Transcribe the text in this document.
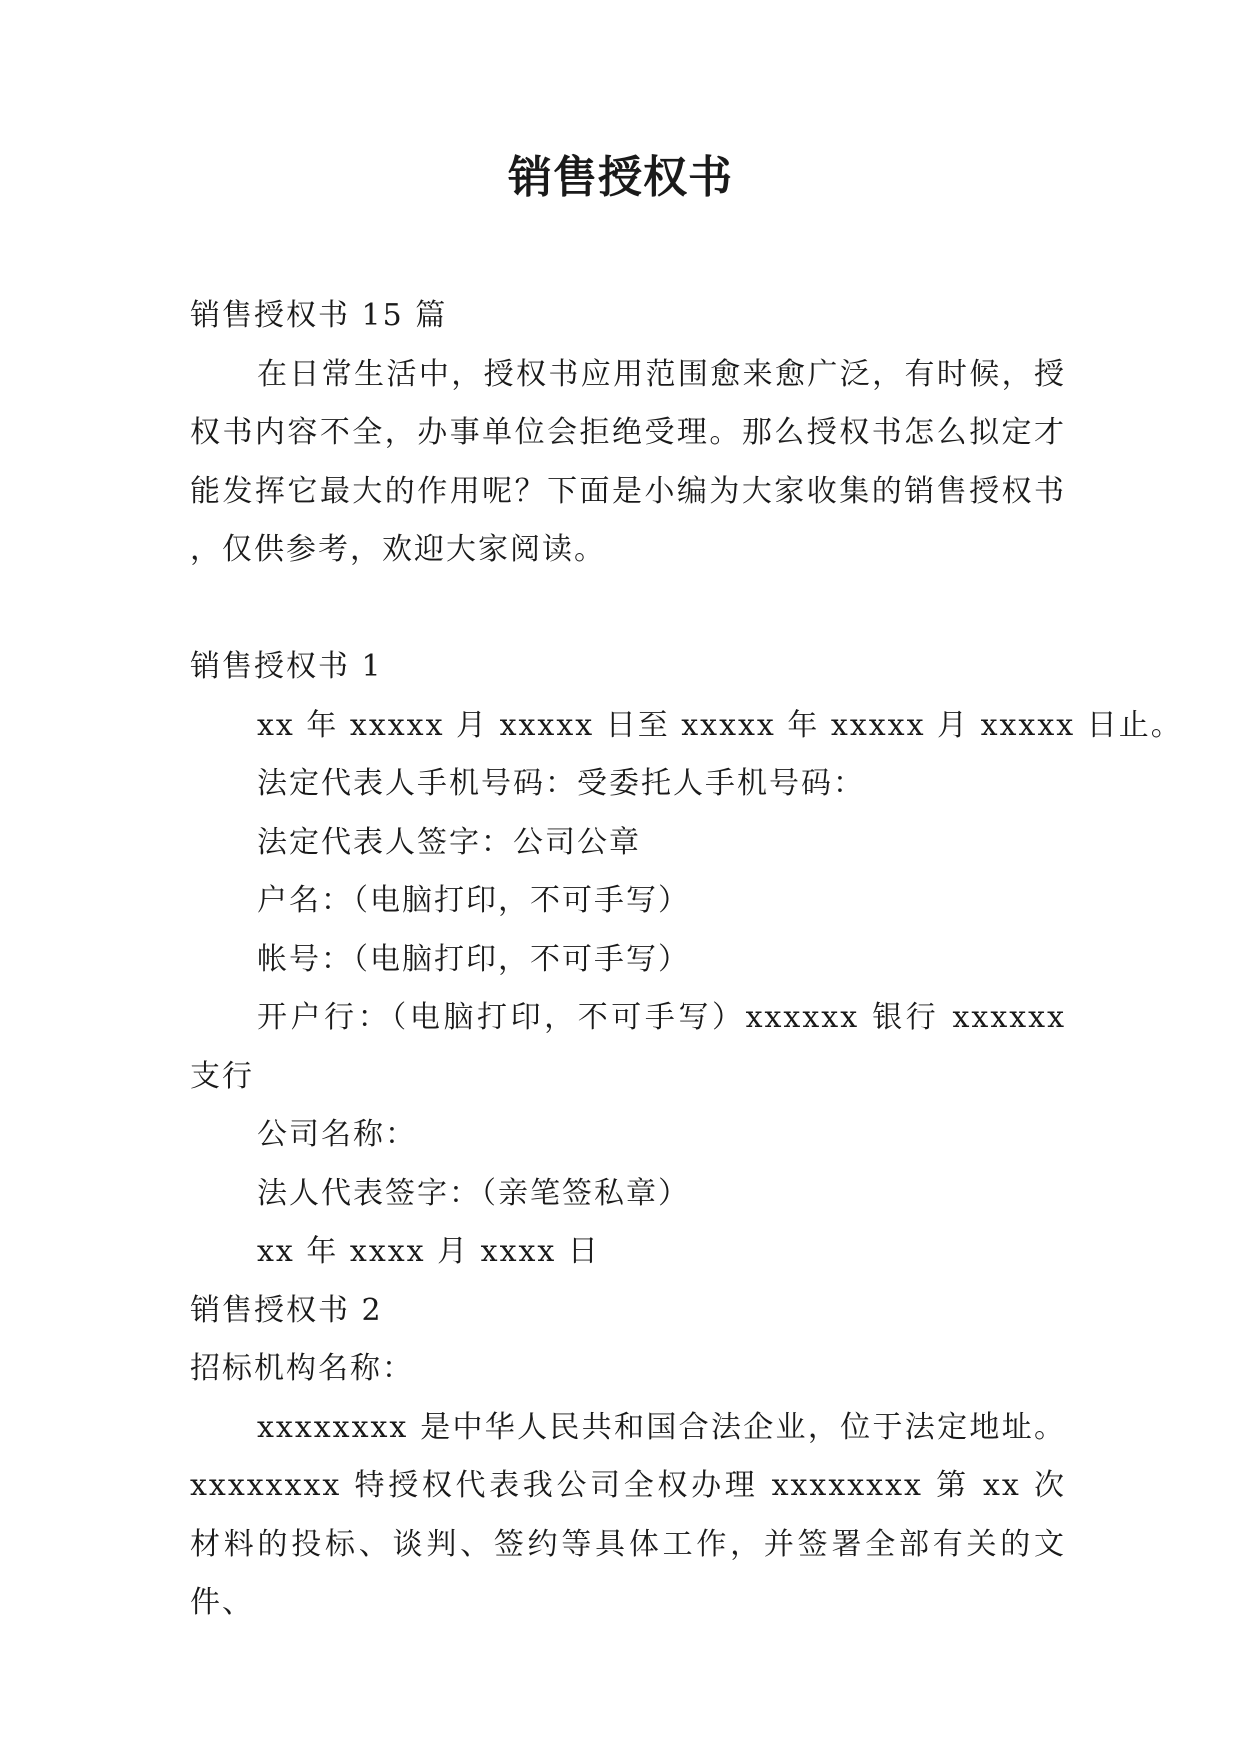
销售授权书

销售授权书 15 篇

在日常生活中，授权书应用范围愈来愈广泛，有时候，授权书内容不全，办事单位会拒绝受理。那么授权书怎么拟定才能发挥它最大的作用呢？下面是小编为大家收集的销售授权书 ，仅供参考，欢迎大家阅读。

销售授权书 1

xx 年 xxxxx 月 xxxxx 日至 xxxxx 年 xxxxx 月 xxxxx 日止。

法定代表人手机号码：受委托人手机号码：

法定代表人签字：公司公章

户名：（电脑打印，不可手写）

帐号：（电脑打印，不可手写）

开户行：（电脑打印，不可手写）xxxxxx 银行 xxxxxx 支行

公司名称：

法人代表签字：（亲笔签私章）

xx 年 xxxx 月 xxxx 日

销售授权书 2

招标机构名称：

xxxxxxxx 是中华人民共和国合法企业，位于法定地址。xxxxxxxx 特授权代表我公司全权办理 xxxxxxxx 第 xx 次材料的投标、谈判、签约等具体工作，并签署全部有关的文件、
